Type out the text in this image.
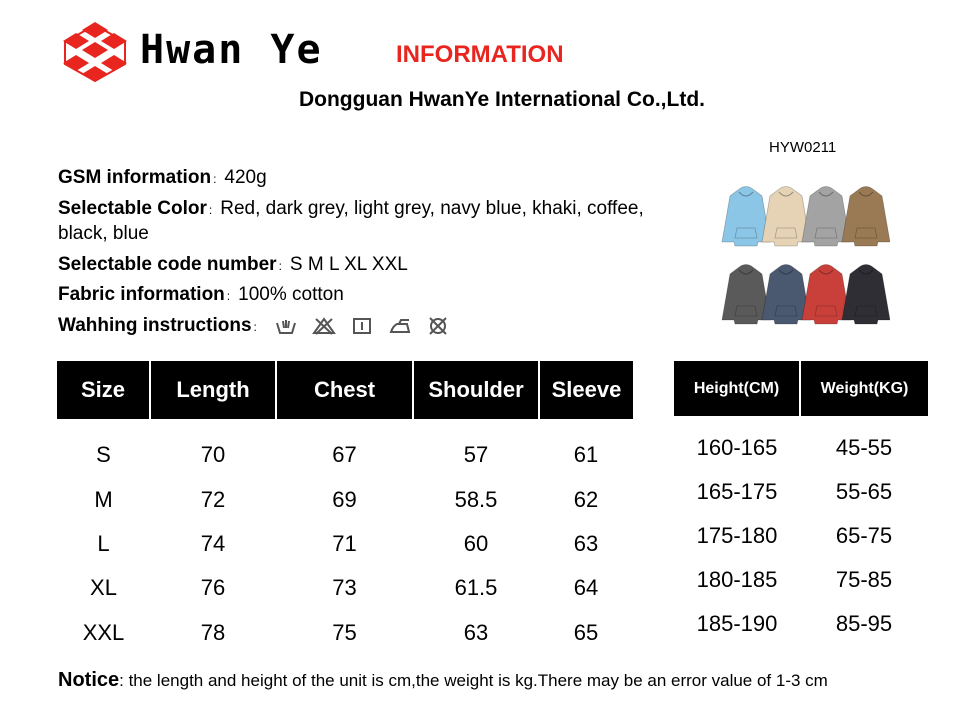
Hwan Ye	INFORMATION
Dongguan HwanYe International Co.,Ltd.
HYW0211
GSM information : 420g
Selectable Color : Red, dark grey, light grey, navy blue, khaki, coffee, black, blue
Selectable code number : S M L XL XXL
Fabric information : 100% cotton
Wahhing instructions :
Size	Length	Chest	Shoulder	Sleeve
S	70	67	57	61
M	72	69	58.5	62
L	74	71	60	63
XL	76	73	61.5	64
XXL	78	75	63	65
Height(CM)	Weight(KG)
160-165	45-55
165-175	55-65
175-180	65-75
180-185	75-85
185-190	85-95
Notice: the length and height of the unit is cm,the weight is kg.There may be an error value of 1-3 cm
